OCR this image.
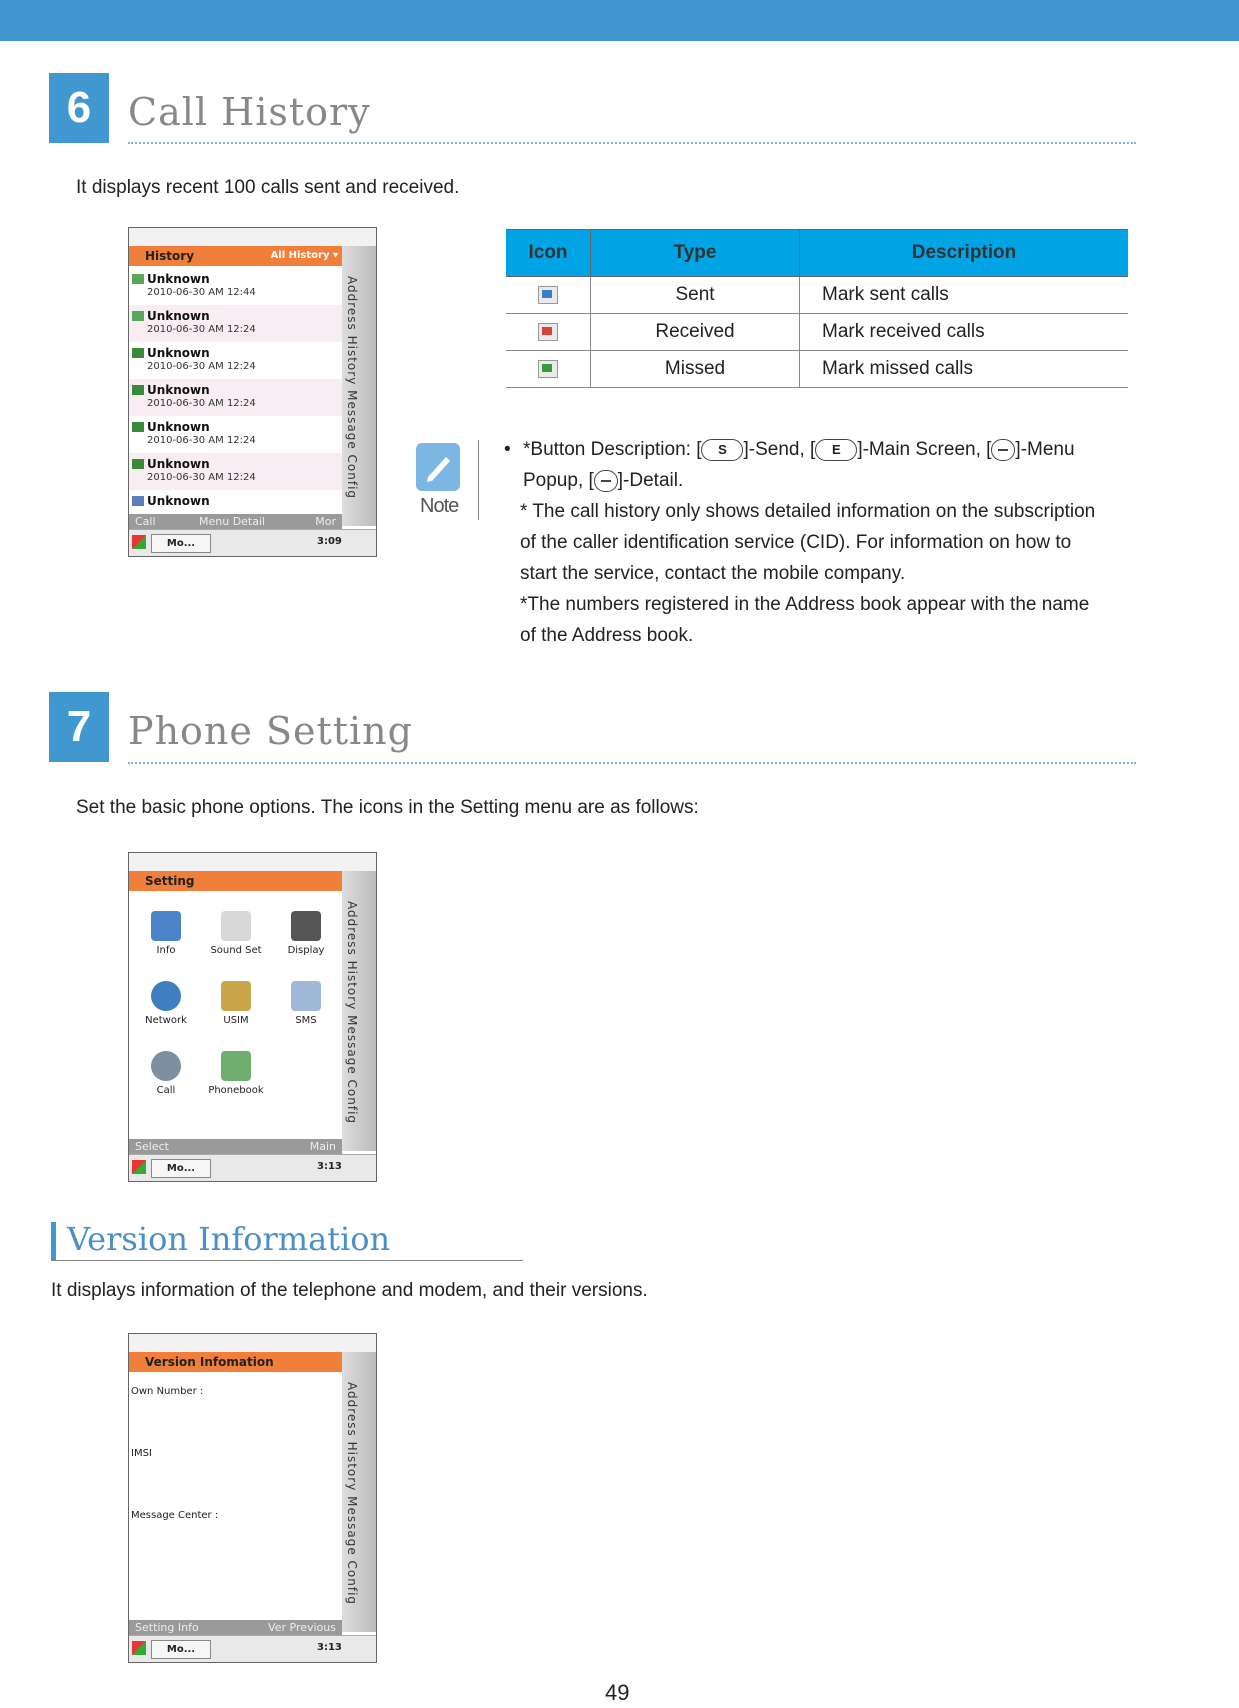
6 Call History
It displays recent 100 calls sent and received.
History	All History ▾
Unknown
2010-06-30 AM 12:44
Unknown
2010-06-30 AM 12:24
Unknown
2010-06-30 AM 12:24
Unknown
2010-06-30 AM 12:24
Unknown
2010-06-30 AM 12:24
Unknown
2010-06-30 AM 12:24
Unknown
Address History Message Config
Call	Menu Detail	Mor
Mo...	3:09
Icon	Type	Description

	Sent	Mark sent calls

	Received	Mark received calls

	Missed	Mark missed calls
Note
• *Button Description: [ S ]-Send, [ E ]-Main Screen, [ ]-Menu
Popup, [ ]-Detail.
* The call history only shows detailed information on the subscription
of the caller identification service (CID). For information on how to
start the service, contact the mobile company.
*The numbers registered in the Address book appear with the name
of the Address book.
7 Phone Setting
Set the basic phone options. The icons in the Setting menu are as follows:
Setting
Info	Sound Set	Display
Network	USIM	SMS
Call	Phonebook	Address History Message Config
Select	Main
Mo...	3:13
Version Information
It displays information of the telephone and modem, and their versions.
Version Infomation
Own Number :
IMSI
Message Center :	Address History Message Config
Setting Info	Ver Previous
Mo...	3:13
49
